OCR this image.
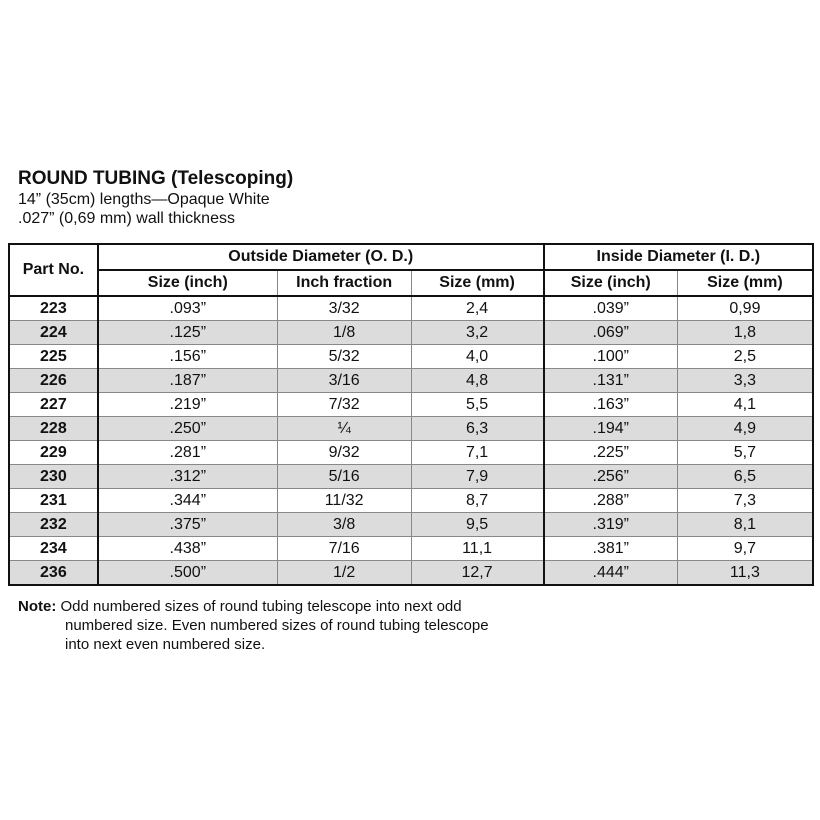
ROUND TUBING (Telescoping)
14” (35cm) lengths—Opaque White
.027” (0,69 mm) wall thickness
Part No.	Outside Diameter (O. D.)			Inside Diameter (I. D.)	
	Size (inch)	Inch fraction	Size (mm)	Size (inch)	Size (mm)
223	.093”	3/32	2,4	.039”	0,99
224	.125”	1/8	3,2	.069”	1,8
225	.156”	5/32	4,0	.100”	2,5
226	.187”	3/16	4,8	.131”	3,3
227	.219”	7/32	5,5	.163”	4,1
228	.250”	¼	6,3	.194”	4,9
229	.281”	9/32	7,1	.225”	5,7
230	.312”	5/16	7,9	.256”	6,5
231	.344”	11/32	8,7	.288”	7,3
232	.375”	3/8	9,5	.319”	8,1
234	.438”	7/16	11,1	.381”	9,7
236	.500”	1/2	12,7	.444”	11,3
Note: Odd numbered sizes of round tubing telescope into next odd
numbered size. Even numbered sizes of round tubing telescope
into next even numbered size.
